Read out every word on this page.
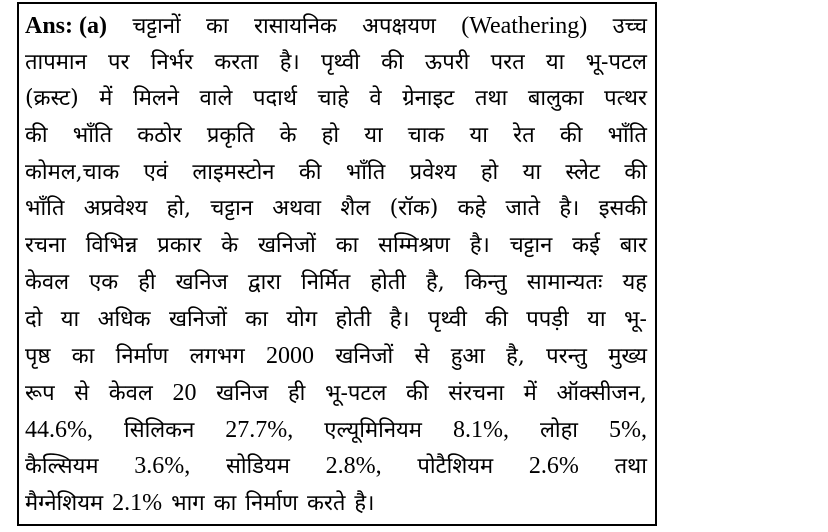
Ans: (a) चट्टानों का रासायनिक अपक्षयण (Weathering) उच्च
तापमान पर निर्भर करता है। पृथ्वी की ऊपरी परत या भू-पटल
(क्रस्ट) में मिलने वाले पदार्थ चाहे वे ग्रेनाइट तथा बालुका पत्थर
की भाँति कठोर प्रकृति के हो या चाक या रेत की भाँति
कोमल,चाक एवं लाइमस्टोन की भाँति प्रवेश्य हो या स्लेट की
भाँति अप्रवेश्य हो, चट्टान अथवा शैल (रॉक) कहे जाते है। इसकी
रचना विभिन्न प्रकार के खनिजों का सम्मिश्रण है। चट्टान कई बार
केवल एक ही खनिज द्वारा निर्मित होती है, किन्तु सामान्यतः यह
दो या अधिक खनिजों का योग होती है। पृथ्वी की पपड़ी या भू-
पृष्ठ का निर्माण लगभग 2000 खनिजों से हुआ है, परन्तु मुख्य
रूप से केवल 20 खनिज ही भू-पटल की संरचना में ऑक्सीजन,
44.6%, सिलिकन 27.7%, एल्यूमिनियम 8.1%, लोहा 5%,
कैल्सियम 3.6%, सोडियम 2.8%, पोटैशियम 2.6% तथा
मैग्नेशियम 2.1% भाग का निर्माण करते है।
